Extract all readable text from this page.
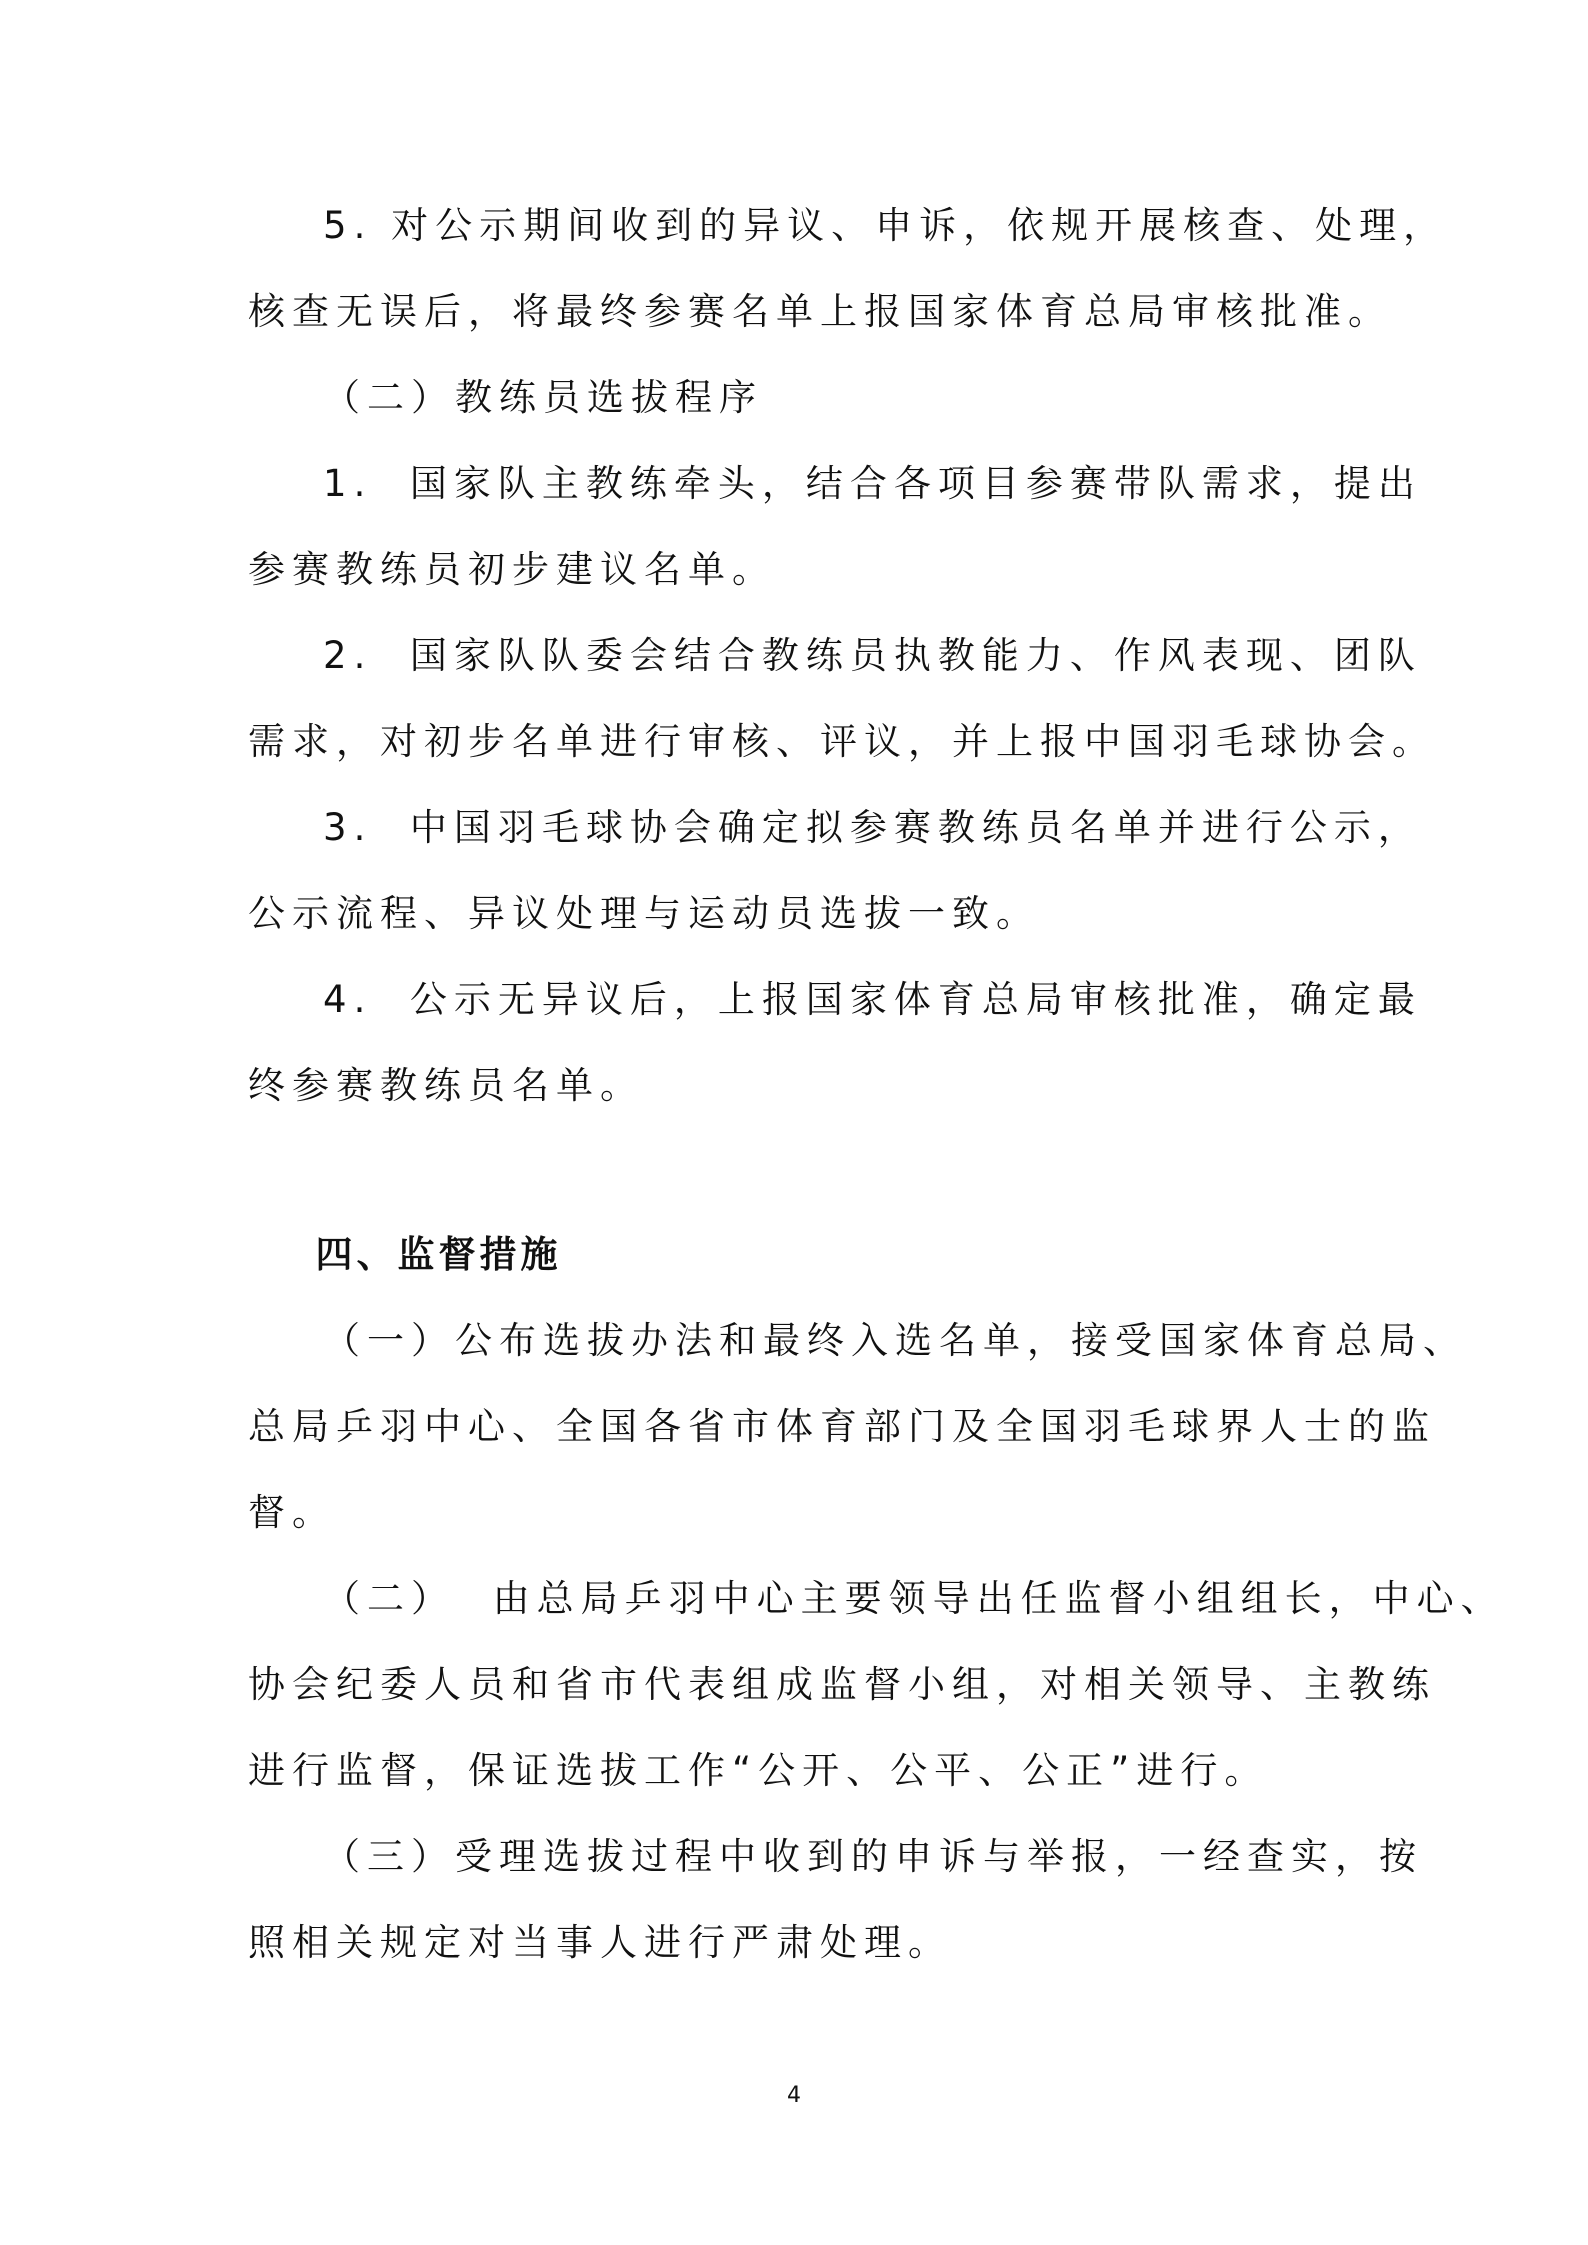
5. 对公示期间收到的异议、申诉，依规开展核查、处理，
核查无误后，将最终参赛名单上报国家体育总局审核批准。
（二）教练员选拔程序
1.  国家队主教练牵头，结合各项目参赛带队需求，提出
参赛教练员初步建议名单。
2.  国家队队委会结合教练员执教能力、作风表现、团队
需求，对初步名单进行审核、评议，并上报中国羽毛球协会。
3.  中国羽毛球协会确定拟参赛教练员名单并进行公示，
公示流程、异议处理与运动员选拔一致。
4.  公示无异议后，上报国家体育总局审核批准，确定最
终参赛教练员名单。
四、监督措施
（一）公布选拔办法和最终入选名单，接受国家体育总局、
总局乒羽中心、全国各省市体育部门及全国羽毛球界人士的监
督。
（二）  由总局乒羽中心主要领导出任监督小组组长，中心、
协会纪委人员和省市代表组成监督小组，对相关领导、主教练
进行监督，保证选拔工作“公开、公平、公正”进行。
（三）受理选拔过程中收到的申诉与举报，一经查实，按
照相关规定对当事人进行严肃处理。
4
